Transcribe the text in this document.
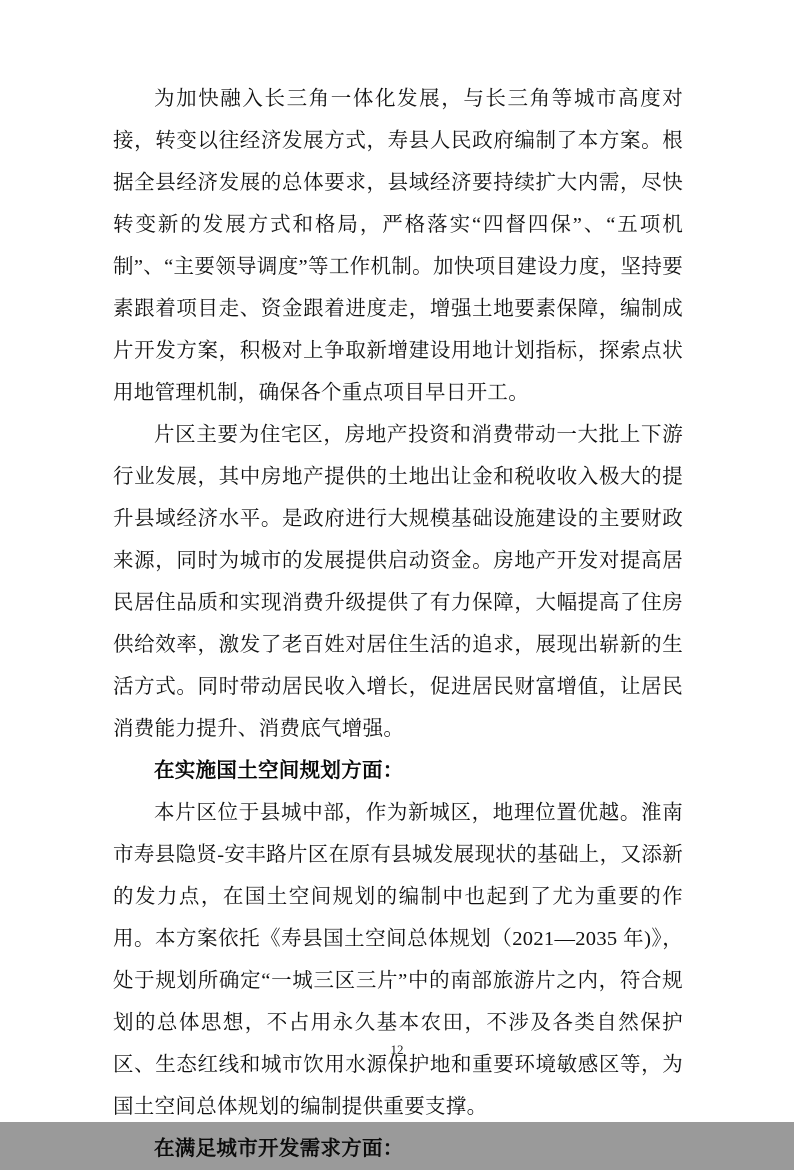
为加快融入长三角一体化发展，与长三角等城市高度对接，转变以往经济发展方式，寿县人民政府编制了本方案。根据全县经济发展的总体要求，县域经济要持续扩大内需，尽快转变新的发展方式和格局，严格落实“四督四保”、“五项机制”、“主要领导调度”等工作机制。加快项目建设力度，坚持要素跟着项目走、资金跟着进度走，增强土地要素保障，编制成片开发方案，积极对上争取新增建设用地计划指标，探索点状用地管理机制，确保各个重点项目早日开工。

片区主要为住宅区，房地产投资和消费带动一大批上下游行业发展，其中房地产提供的土地出让金和税收收入极大的提升县域经济水平。是政府进行大规模基础设施建设的主要财政来源，同时为城市的发展提供启动资金。房地产开发对提高居民居住品质和实现消费升级提供了有力保障，大幅提高了住房供给效率，激发了老百姓对居住生活的追求，展现出崭新的生活方式。同时带动居民收入增长，促进居民财富增值，让居民消费能力提升、消费底气增强。

在实施国土空间规划方面：

本片区位于县城中部，作为新城区，地理位置优越。淮南市寿县隐贤-安丰路片区在原有县城发展现状的基础上，又添新的发力点，在国土空间规划的编制中也起到了尤为重要的作用。本方案依托《寿县国土空间总体规划（2021—2035 年)》，处于规划所确定“一城三区三片”中的南部旅游片之内，符合规划的总体思想，不占用永久基本农田，不涉及各类自然保护区、生态红线和城市饮用水源保护地和重要环境敏感区等，为国土空间总体规划的编制提供重要支撑。

在满足城市开发需求方面：

12
